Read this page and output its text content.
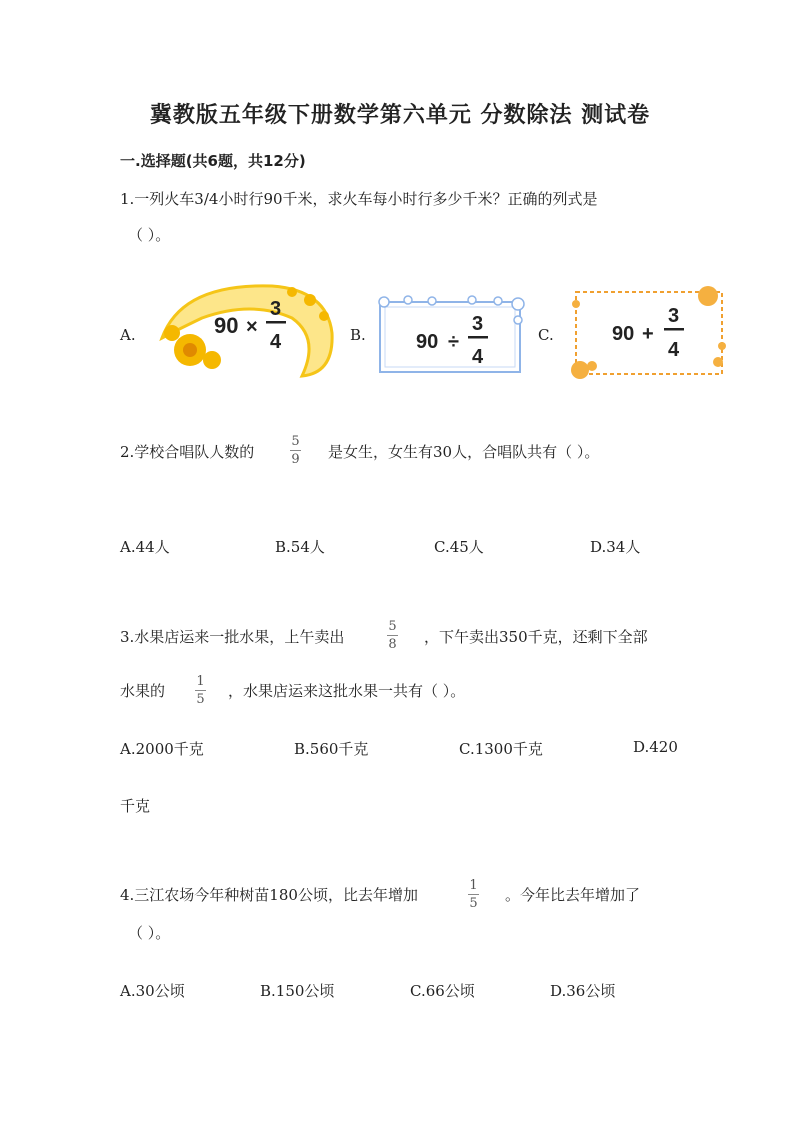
冀教版五年级下册数学第六单元 分数除法 测试卷
一.选择题(共6题，共12分)
1.一列火车3/4小时行90千米，求火车每小时行多少千米？正确的列式是
（ ）。
A.	90 ×
3
4	B.	90 ÷
3
4
C.	90 +
3
4
2.学校合唱队人数的
5
9 是女生，女生有30人，合唱队共有（ ）。
A.44人	B.54人	C.45人	D.34人
3.水果店运来一批水果，上午卖出
5
8 ，下午卖出350千克，还剩下全部
水果的
1
5 ，水果店运来这批水果一共有（ ）。
A.2000千克	B.560千克	C.1300千克	D.420
千克
4.三江农场今年种树苗180公顷，比去年增加
1
5 。今年比去年增加了
（ ）。
A.30公顷	B.150公顷	C.66公顷	D.36公顷
